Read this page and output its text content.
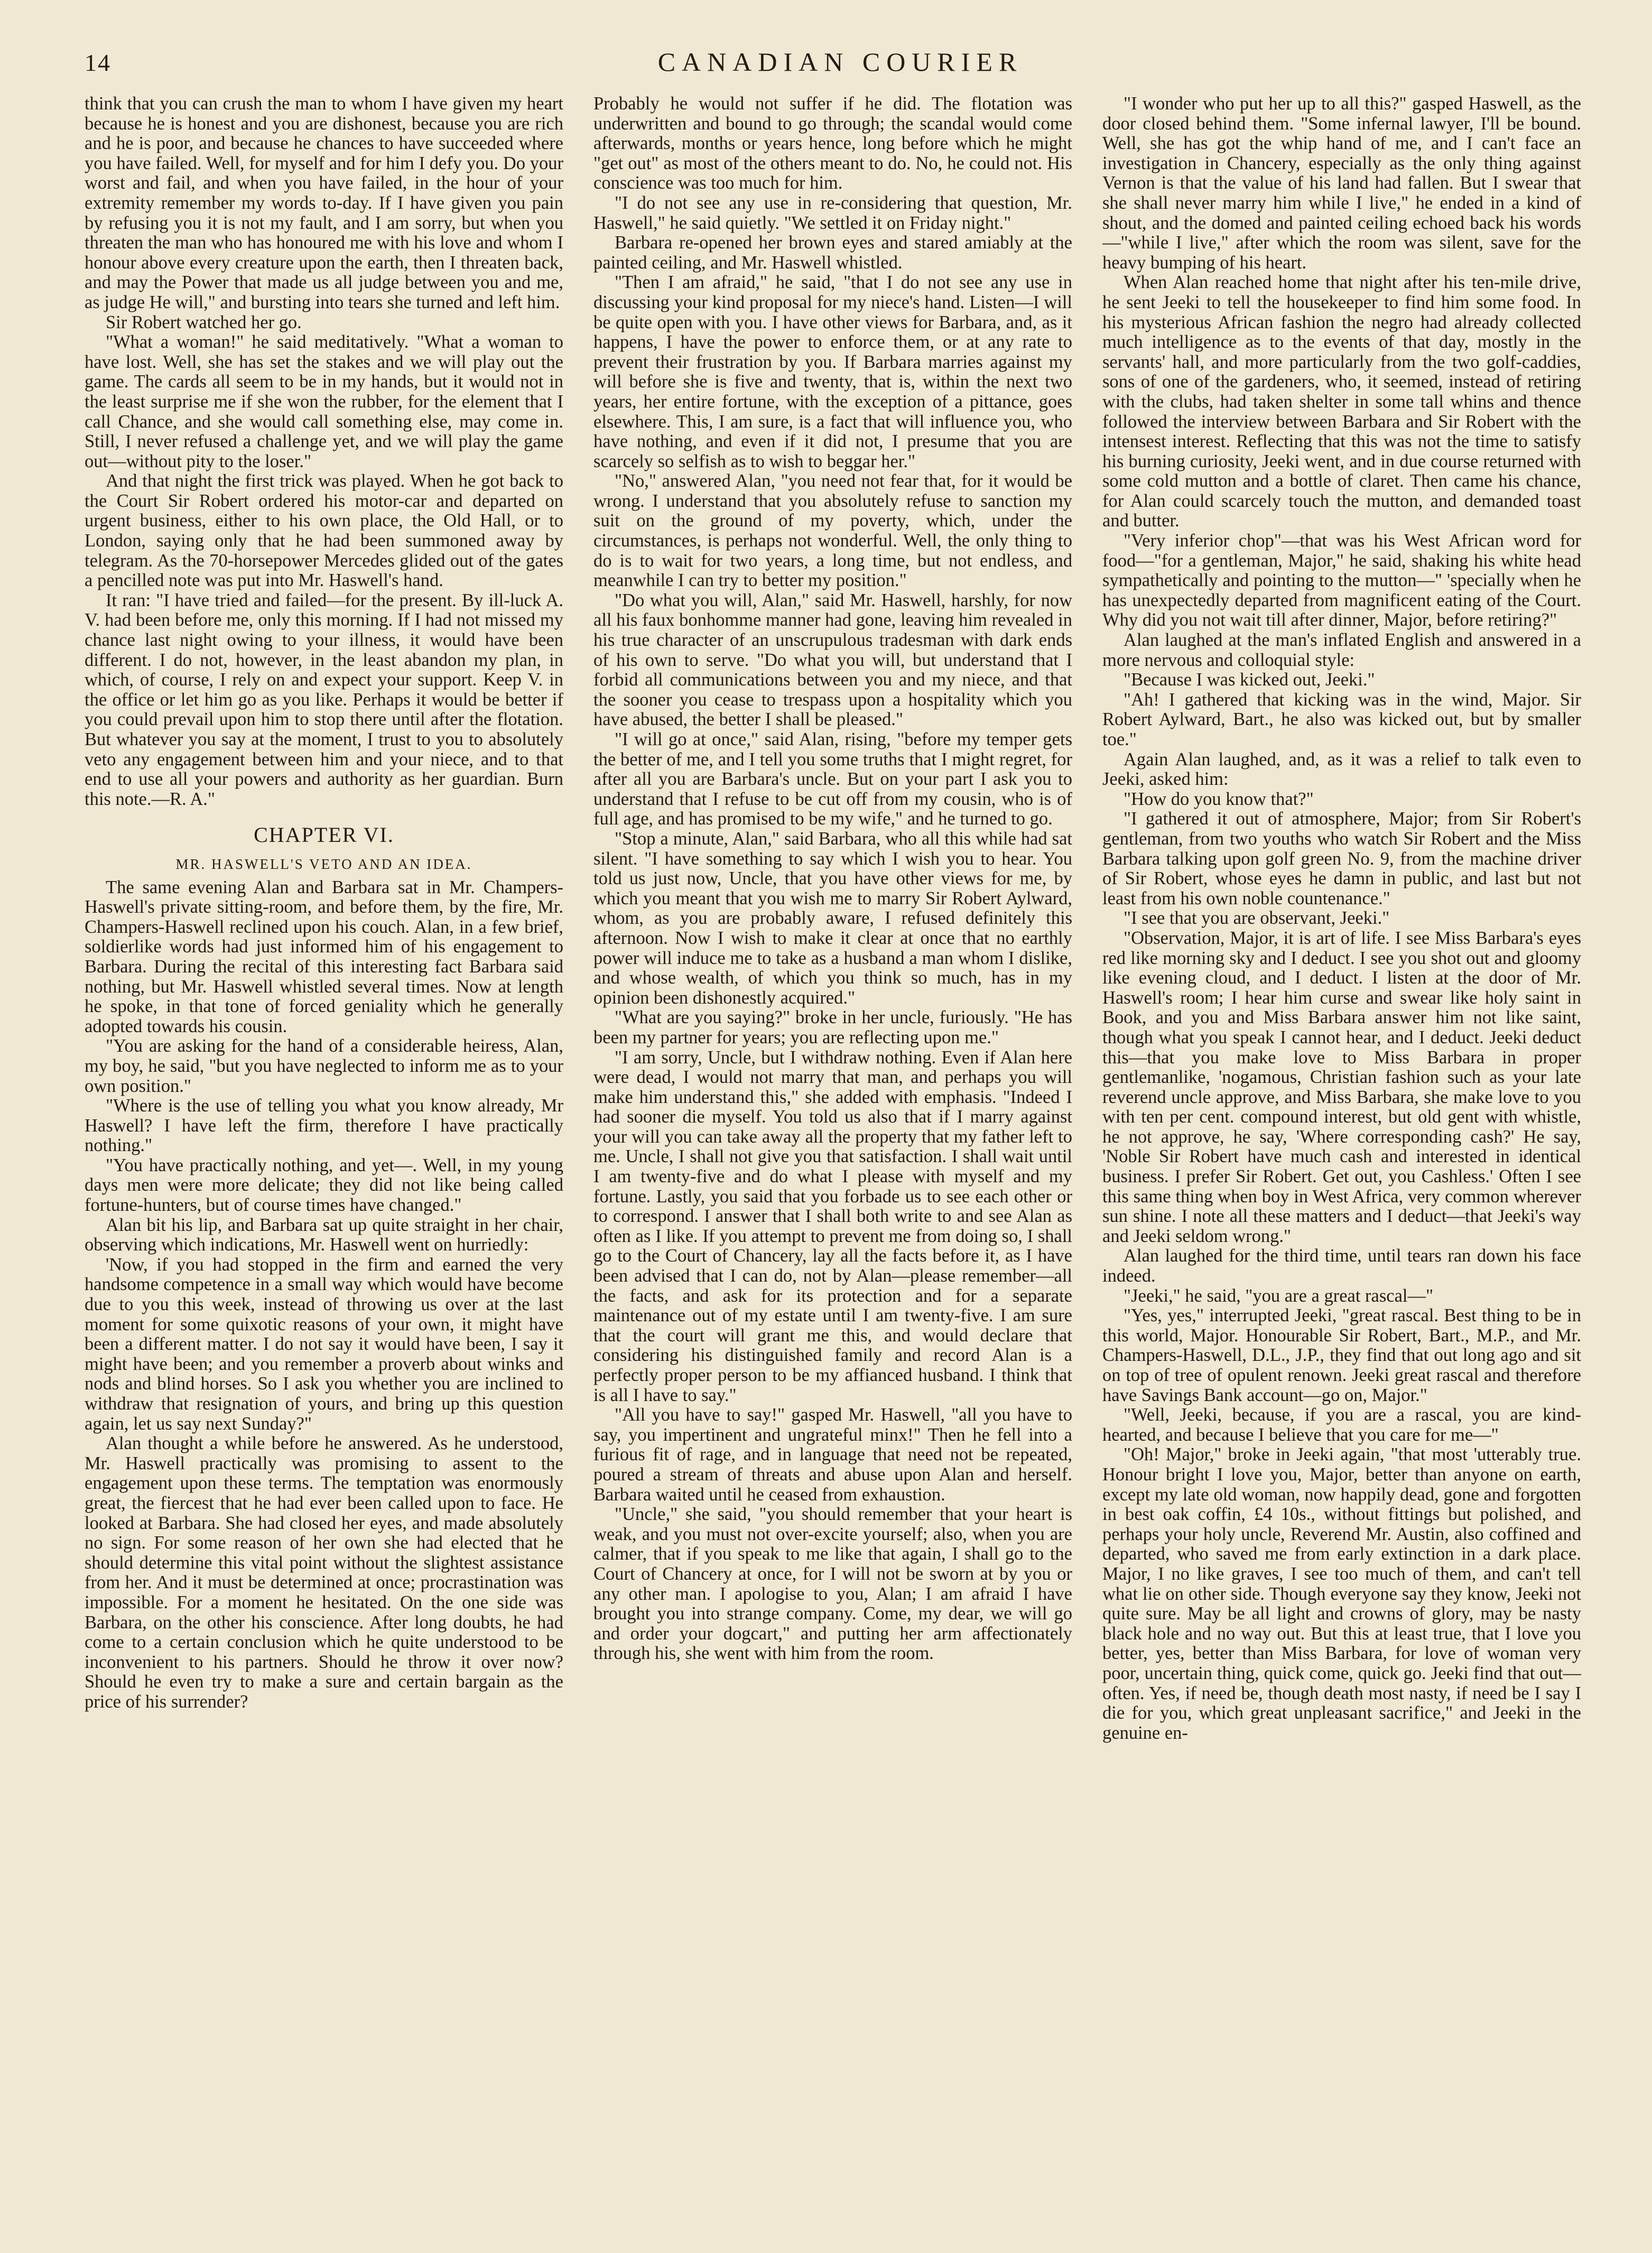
14	CANADIAN COURIER

think that you can crush the man to whom I have given my heart because he is honest and you are dishonest, because you are rich and he is poor, and because he chances to have succeeded where you have failed. Well, for myself and for him I defy you. Do your worst and fail, and when you have failed, in the hour of your extremity remember my words to-day. If I have given you pain by refusing you it is not my fault, and I am sorry, but when you threaten the man who has honoured me with his love and whom I honour above every creature upon the earth, then I threaten back, and may the Power that made us all judge between you and me, as judge He will," and bursting into tears she turned and left him.

Sir Robert watched her go.

"What a woman!" he said meditatively. "What a woman to have lost. Well, she has set the stakes and we will play out the game. The cards all seem to be in my hands, but it would not in the least surprise me if she won the rubber, for the element that I call Chance, and she would call something else, may come in. Still, I never refused a challenge yet, and we will play the game out—without pity to the loser."

And that night the first trick was played. When he got back to the Court Sir Robert ordered his motor-car and departed on urgent business, either to his own place, the Old Hall, or to London, saying only that he had been summoned away by telegram. As the 70-horsepower Mercedes glided out of the gates a pencilled note was put into Mr. Haswell's hand.

It ran: "I have tried and failed—for the present. By ill-luck A. V. had been before me, only this morning. If I had not missed my chance last night owing to your illness, it would have been different. I do not, however, in the least abandon my plan, in which, of course, I rely on and expect your support. Keep V. in the office or let him go as you like. Perhaps it would be better if you could prevail upon him to stop there until after the flotation. But whatever you say at the moment, I trust to you to absolutely veto any engagement between him and your niece, and to that end to use all your powers and authority as her guardian. Burn this note.—R. A."

CHAPTER VI.
MR. HASWELL'S VETO AND AN IDEA.

The same evening Alan and Barbara sat in Mr. Champers-Haswell's private sitting-room, and before them, by the fire, Mr. Champers-Haswell reclined upon his couch. Alan, in a few brief, soldierlike words had just informed him of his engagement to Barbara. During the recital of this interesting fact Barbara said nothing, but Mr. Haswell whistled several times. Now at length he spoke, in that tone of forced geniality which he generally adopted towards his cousin.

"You are asking for the hand of a considerable heiress, Alan, my boy, he said, "but you have neglected to inform me as to your own position."

"Where is the use of telling you what you know already, Mr Haswell? I have left the firm, therefore I have practically nothing."

"You have practically nothing, and yet—. Well, in my young days men were more delicate; they did not like being called fortune-hunters, but of course times have changed."

Alan bit his lip, and Barbara sat up quite straight in her chair, observing which indications, Mr. Haswell went on hurriedly:

'Now, if you had stopped in the firm and earned the very handsome competence in a small way which would have become due to you this week, instead of throwing us over at the last moment for some quixotic reasons of your own, it might have been a different matter. I do not say it would have been, I say it might have been; and you remember a proverb about winks and nods and blind horses. So I ask you whether you are inclined to withdraw that resignation of yours, and bring up this question again, let us say next Sunday?"

Alan thought a while before he answered. As he understood, Mr. Haswell practically was promising to assent to the engagement upon these terms. The temptation was enormously great, the fiercest that he had ever been called upon to face. He looked at Barbara. She had closed her eyes, and made absolutely no sign. For some reason of her own she had elected that he should determine this vital point without the slightest assistance from her. And it must be determined at once; procrastination was impossible. For a moment he hesitated. On the one side was Barbara, on the other his conscience. After long doubts, he had come to a certain conclusion which he quite understood to be inconvenient to his partners. Should he throw it over now? Should he even try to make a sure and certain bargain as the price of his surrender?

Probably he would not suffer if he did. The flotation was underwritten and bound to go through; the scandal would come afterwards, months or years hence, long before which he might "get out" as most of the others meant to do. No, he could not. His conscience was too much for him.

"I do not see any use in re-considering that question, Mr. Haswell," he said quietly. "We settled it on Friday night."

Barbara re-opened her brown eyes and stared amiably at the painted ceiling, and Mr. Haswell whistled.

"Then I am afraid," he said, "that I do not see any use in discussing your kind proposal for my niece's hand. Listen—I will be quite open with you. I have other views for Barbara, and, as it happens, I have the power to enforce them, or at any rate to prevent their frustration by you. If Barbara marries against my will before she is five and twenty, that is, within the next two years, her entire fortune, with the exception of a pittance, goes elsewhere. This, I am sure, is a fact that will influence you, who have nothing, and even if it did not, I presume that you are scarcely so selfish as to wish to beggar her."

"No," answered Alan, "you need not fear that, for it would be wrong. I understand that you absolutely refuse to sanction my suit on the ground of my poverty, which, under the circumstances, is perhaps not wonderful. Well, the only thing to do is to wait for two years, a long time, but not endless, and meanwhile I can try to better my position."

"Do what you will, Alan," said Mr. Haswell, harshly, for now all his faux bonhomme manner had gone, leaving him revealed in his true character of an unscrupulous tradesman with dark ends of his own to serve. "Do what you will, but understand that I forbid all communications between you and my niece, and that the sooner you cease to trespass upon a hospitality which you have abused, the better I shall be pleased."

"I will go at once," said Alan, rising, "before my temper gets the better of me, and I tell you some truths that I might regret, for after all you are Barbara's uncle. But on your part I ask you to understand that I refuse to be cut off from my cousin, who is of full age, and has promised to be my wife," and he turned to go.

"Stop a minute, Alan," said Barbara, who all this while had sat silent. "I have something to say which I wish you to hear. You told us just now, Uncle, that you have other views for me, by which you meant that you wish me to marry Sir Robert Aylward, whom, as you are probably aware, I refused definitely this afternoon. Now I wish to make it clear at once that no earthly power will induce me to take as a husband a man whom I dislike, and whose wealth, of which you think so much, has in my opinion been dishonestly acquired."

"What are you saying?" broke in her uncle, furiously. "He has been my partner for years; you are reflecting upon me."

"I am sorry, Uncle, but I withdraw nothing. Even if Alan here were dead, I would not marry that man, and perhaps you will make him understand this," she added with emphasis. "Indeed I had sooner die myself. You told us also that if I marry against your will you can take away all the property that my father left to me. Uncle, I shall not give you that satisfaction. I shall wait until I am twenty-five and do what I please with myself and my fortune. Lastly, you said that you forbade us to see each other or to correspond. I answer that I shall both write to and see Alan as often as I like. If you attempt to prevent me from doing so, I shall go to the Court of Chancery, lay all the facts before it, as I have been advised that I can do, not by Alan—please remember—all the facts, and ask for its protection and for a separate maintenance out of my estate until I am twenty-five. I am sure that the court will grant me this, and would declare that considering his distinguished family and record Alan is a perfectly proper person to be my affianced husband. I think that is all I have to say."

"All you have to say!" gasped Mr. Haswell, "all you have to say, you impertinent and ungrateful minx!" Then he fell into a furious fit of rage, and in language that need not be repeated, poured a stream of threats and abuse upon Alan and herself. Barbara waited until he ceased from exhaustion.

"Uncle," she said, "you should remember that your heart is weak, and you must not over-excite yourself; also, when you are calmer, that if you speak to me like that again, I shall go to the Court of Chancery at once, for I will not be sworn at by you or any other man. I apologise to you, Alan; I am afraid I have brought you into strange company. Come, my dear, we will go and order your dogcart," and putting her arm affectionately through his, she went with him from the room.

"I wonder who put her up to all this?" gasped Haswell, as the door closed behind them. "Some infernal lawyer, I'll be bound. Well, she has got the whip hand of me, and I can't face an investigation in Chancery, especially as the only thing against Vernon is that the value of his land had fallen. But I swear that she shall never marry him while I live," he ended in a kind of shout, and the domed and painted ceiling echoed back his words—"while I live," after which the room was silent, save for the heavy bumping of his heart.

When Alan reached home that night after his ten-mile drive, he sent Jeeki to tell the housekeeper to find him some food. In his mysterious African fashion the negro had already collected much intelligence as to the events of that day, mostly in the servants' hall, and more particularly from the two golf-caddies, sons of one of the gardeners, who, it seemed, instead of retiring with the clubs, had taken shelter in some tall whins and thence followed the interview between Barbara and Sir Robert with the intensest interest. Reflecting that this was not the time to satisfy his burning curiosity, Jeeki went, and in due course returned with some cold mutton and a bottle of claret. Then came his chance, for Alan could scarcely touch the mutton, and demanded toast and butter.

"Very inferior chop"—that was his West African word for food—"for a gentleman, Major," he said, shaking his white head sympathetically and pointing to the mutton—" 'specially when he has unexpectedly departed from magnificent eating of the Court. Why did you not wait till after dinner, Major, before retiring?"

Alan laughed at the man's inflated English and answered in a more nervous and colloquial style:

"Because I was kicked out, Jeeki."

"Ah! I gathered that kicking was in the wind, Major. Sir Robert Aylward, Bart., he also was kicked out, but by smaller toe."

Again Alan laughed, and, as it was a relief to talk even to Jeeki, asked him:

"How do you know that?"

"I gathered it out of atmosphere, Major; from Sir Robert's gentleman, from two youths who watch Sir Robert and the Miss Barbara talking upon golf green No. 9, from the machine driver of Sir Robert, whose eyes he damn in public, and last but not least from his own noble countenance."

"I see that you are observant, Jeeki."

"Observation, Major, it is art of life. I see Miss Barbara's eyes red like morning sky and I deduct. I see you shot out and gloomy like evening cloud, and I deduct. I listen at the door of Mr. Haswell's room; I hear him curse and swear like holy saint in Book, and you and Miss Barbara answer him not like saint, though what you speak I cannot hear, and I deduct. Jeeki deduct this—that you make love to Miss Barbara in proper gentlemanlike, 'nogamous, Christian fashion such as your late reverend uncle approve, and Miss Barbara, she make love to you with ten per cent. compound interest, but old gent with whistle, he not approve, he say, 'Where corresponding cash?' He say, 'Noble Sir Robert have much cash and interested in identical business. I prefer Sir Robert. Get out, you Cashless.' Often I see this same thing when boy in West Africa, very common wherever sun shine. I note all these matters and I deduct—that Jeeki's way and Jeeki seldom wrong."

Alan laughed for the third time, until tears ran down his face indeed.

"Jeeki," he said, "you are a great rascal—"

"Yes, yes," interrupted Jeeki, "great rascal. Best thing to be in this world, Major. Honourable Sir Robert, Bart., M.P., and Mr. Champers-Haswell, D.L., J.P., they find that out long ago and sit on top of tree of opulent renown. Jeeki great rascal and therefore have Savings Bank account—go on, Major."

"Well, Jeeki, because, if you are a rascal, you are kind-hearted, and because I believe that you care for me—"

"Oh! Major," broke in Jeeki again, "that most 'utterably true. Honour bright I love you, Major, better than anyone on earth, except my late old woman, now happily dead, gone and forgotten in best oak coffin, £4 10s., without fittings but polished, and perhaps your holy uncle, Reverend Mr. Austin, also coffined and departed, who saved me from early extinction in a dark place. Major, I no like graves, I see too much of them, and can't tell what lie on other side. Though everyone say they know, Jeeki not quite sure. May be all light and crowns of glory, may be nasty black hole and no way out. But this at least true, that I love you better, yes, better than Miss Barbara, for love of woman very poor, uncertain thing, quick come, quick go. Jeeki find that out—often. Yes, if need be, though death most nasty, if need be I say I die for you, which great unpleasant sacrifice," and Jeeki in the genuine en-
